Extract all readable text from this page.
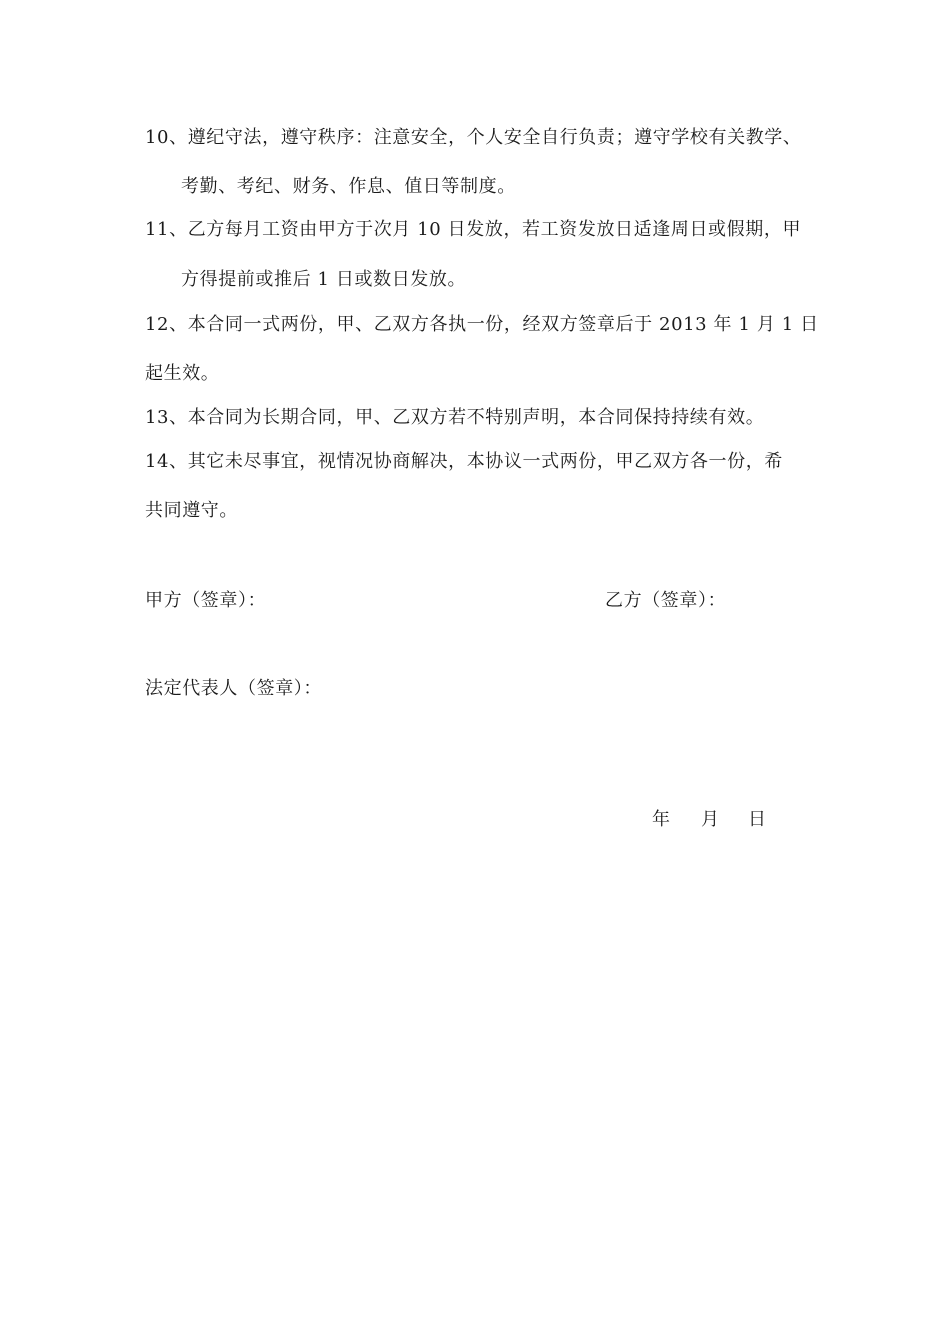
10、遵纪守法，遵守秩序：注意安全，个人安全自行负责；遵守学校有关教学、
考勤、考纪、财务、作息、值日等制度。
11、乙方每月工资由甲方于次月 10 日发放，若工资发放日适逢周日或假期，甲
方得提前或推后 1 日或数日发放。
12、本合同一式两份，甲、乙双方各执一份，经双方签章后于 2013 年 1 月 1 日
起生效。
13、本合同为长期合同，甲、乙双方若不特别声明，本合同保持持续有效。
14、其它未尽事宜，视情况协商解决，本协议一式两份，甲乙双方各一份，希
共同遵守。
甲方（签章）：	乙方（签章）：
法定代表人（签章）：
年 月 日
